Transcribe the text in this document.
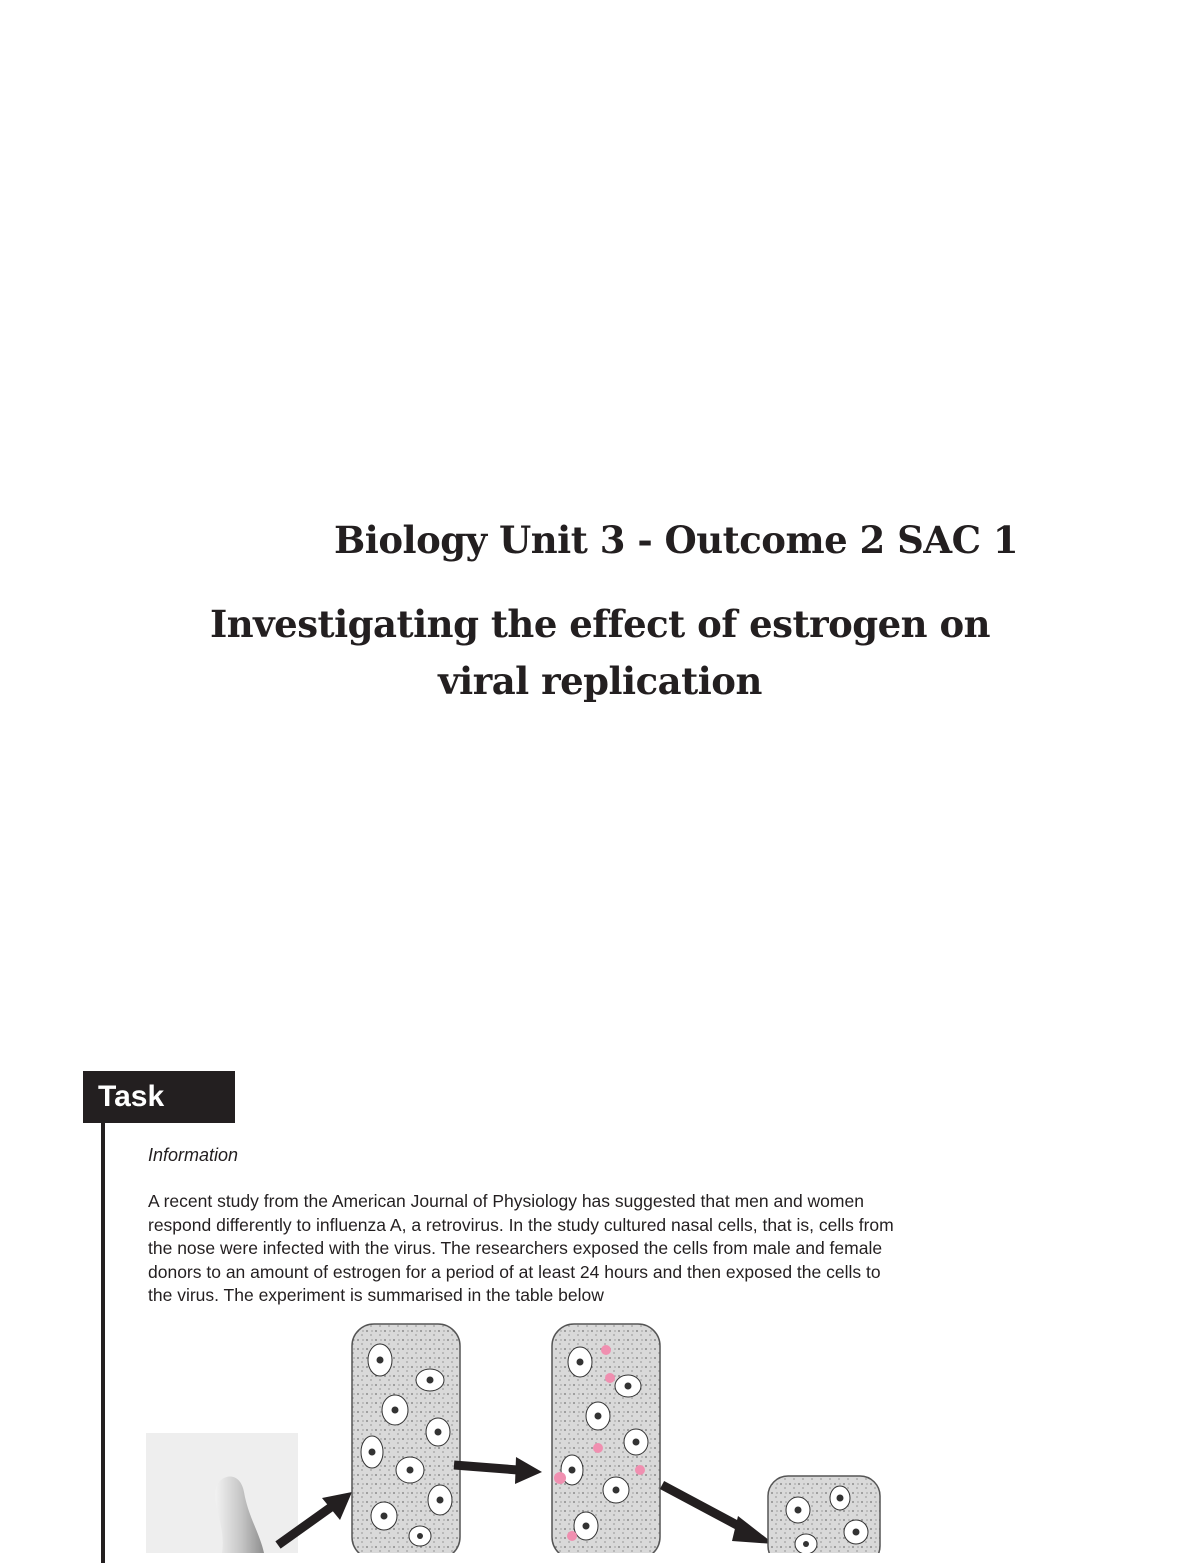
Biology Unit 3 - Outcome 2 SAC 1
Investigating the effect of estrogen on viral replication
Task
Information

A recent study from the American Journal of Physiology has suggested that men and women
respond differently to influenza A, a retrovirus. In the study cultured nasal cells, that is, cells from
the nose were infected with the virus. The researchers exposed the cells from male and female
donors to an amount of estrogen for a period of at least 24 hours and then exposed the cells to
the virus. The experiment is summarised in the table below
